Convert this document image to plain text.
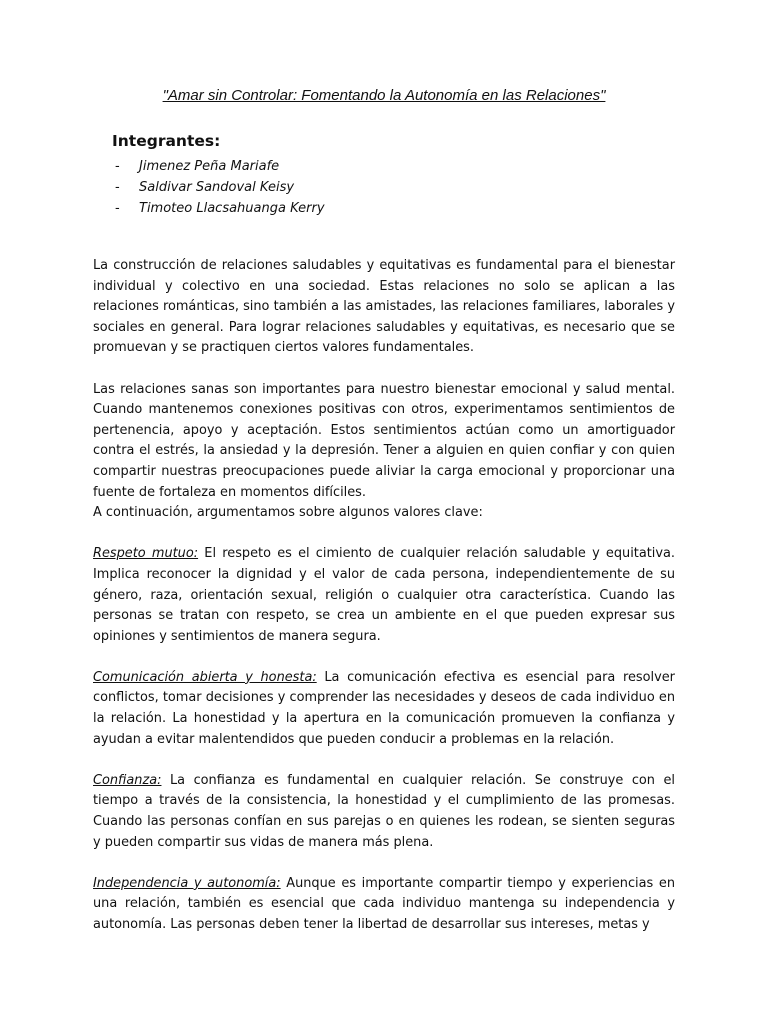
"Amar sin Controlar: Fomentando la Autonomía en las Relaciones"
Integrantes:
- Jimenez Peña Mariafe
- Saldivar Sandoval Keisy
- Timoteo Llacsahuanga Kerry

La construcción de relaciones saludables y equitativas es fundamental para el bienestar individual y colectivo en una sociedad. Estas relaciones no solo se aplican a las relaciones románticas, sino también a las amistades, las relaciones familiares, laborales y sociales en general. Para lograr relaciones saludables y equitativas, es necesario que se promuevan y se practiquen ciertos valores fundamentales.

Las relaciones sanas son importantes para nuestro bienestar emocional y salud mental. Cuando mantenemos conexiones positivas con otros, experimentamos sentimientos de pertenencia, apoyo y aceptación. Estos sentimientos actúan como un amortiguador contra el estrés, la ansiedad y la depresión. Tener a alguien en quien confiar y con quien compartir nuestras preocupaciones puede aliviar la carga emocional y proporcionar una fuente de fortaleza en momentos difíciles.

A continuación, argumentamos sobre algunos valores clave:

Respeto mutuo: El respeto es el cimiento de cualquier relación saludable y equitativa. Implica reconocer la dignidad y el valor de cada persona, independientemente de su género, raza, orientación sexual, religión o cualquier otra característica. Cuando las personas se tratan con respeto, se crea un ambiente en el que pueden expresar sus opiniones y sentimientos de manera segura.

Comunicación abierta y honesta: La comunicación efectiva es esencial para resolver conflictos, tomar decisiones y comprender las necesidades y deseos de cada individuo en la relación. La honestidad y la apertura en la comunicación promueven la confianza y ayudan a evitar malentendidos que pueden conducir a problemas en la relación.

Confianza: La confianza es fundamental en cualquier relación. Se construye con el tiempo a través de la consistencia, la honestidad y el cumplimiento de las promesas. Cuando las personas confían en sus parejas o en quienes les rodean, se sienten seguras y pueden compartir sus vidas de manera más plena.

Independencia y autonomía: Aunque es importante compartir tiempo y experiencias en una relación, también es esencial que cada individuo mantenga su independencia y autonomía. Las personas deben tener la libertad de desarrollar sus intereses, metas y
